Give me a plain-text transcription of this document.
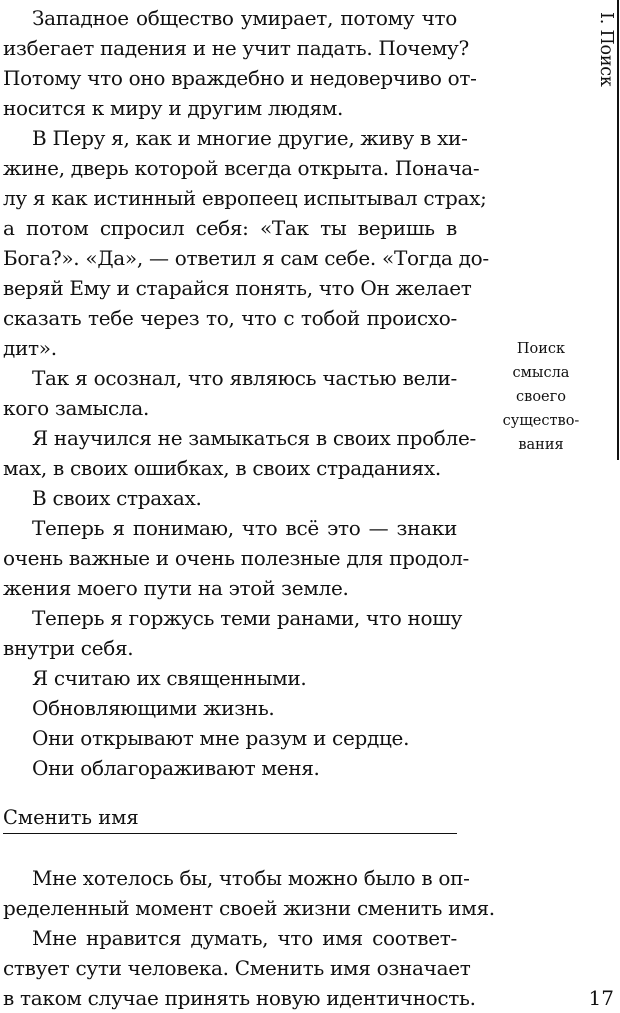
Западное общество умирает, потому что
избегает падения и не учит падать. Почему?
Потому что оно враждебно и недоверчиво от-
носится к миру и другим людям.
В Перу я, как и многие другие, живу в хи-
жине, дверь которой всегда открыта. Понача-
лу я как истинный европеец испытывал страх;
а потом спросил себя: «Так ты веришь в
Бога?». «Да», — ответил я сам себе. «Тогда до-
веряй Ему и старайся понять, что Он желает
сказать тебе через то, что с тобой происхо-
дит».
Так я осознал, что являюсь частью вели-
кого замысла.
Я научился не замыкаться в своих пробле-
мах, в своих ошибках, в своих страданиях.
В своих страхах.
Теперь я понимаю, что всё это — знаки
очень важные и очень полезные для продол-
жения моего пути на этой земле.
Теперь я горжусь теми ранами, что ношу
внутри себя.
Я считаю их священными.
Обновляющими жизнь.
Они открывают мне разум и сердце.
Они облагораживают меня.
Сменить имя
Мне хотелось бы, чтобы можно было в оп-
ределенный момент своей жизни сменить имя.
Мне нравится думать, что имя соответ-
ствует сути человека. Сменить имя означает
в таком случае принять новую идентичность.
I. Поиск
Поиск
смысла
своего
существо-
вания
17
